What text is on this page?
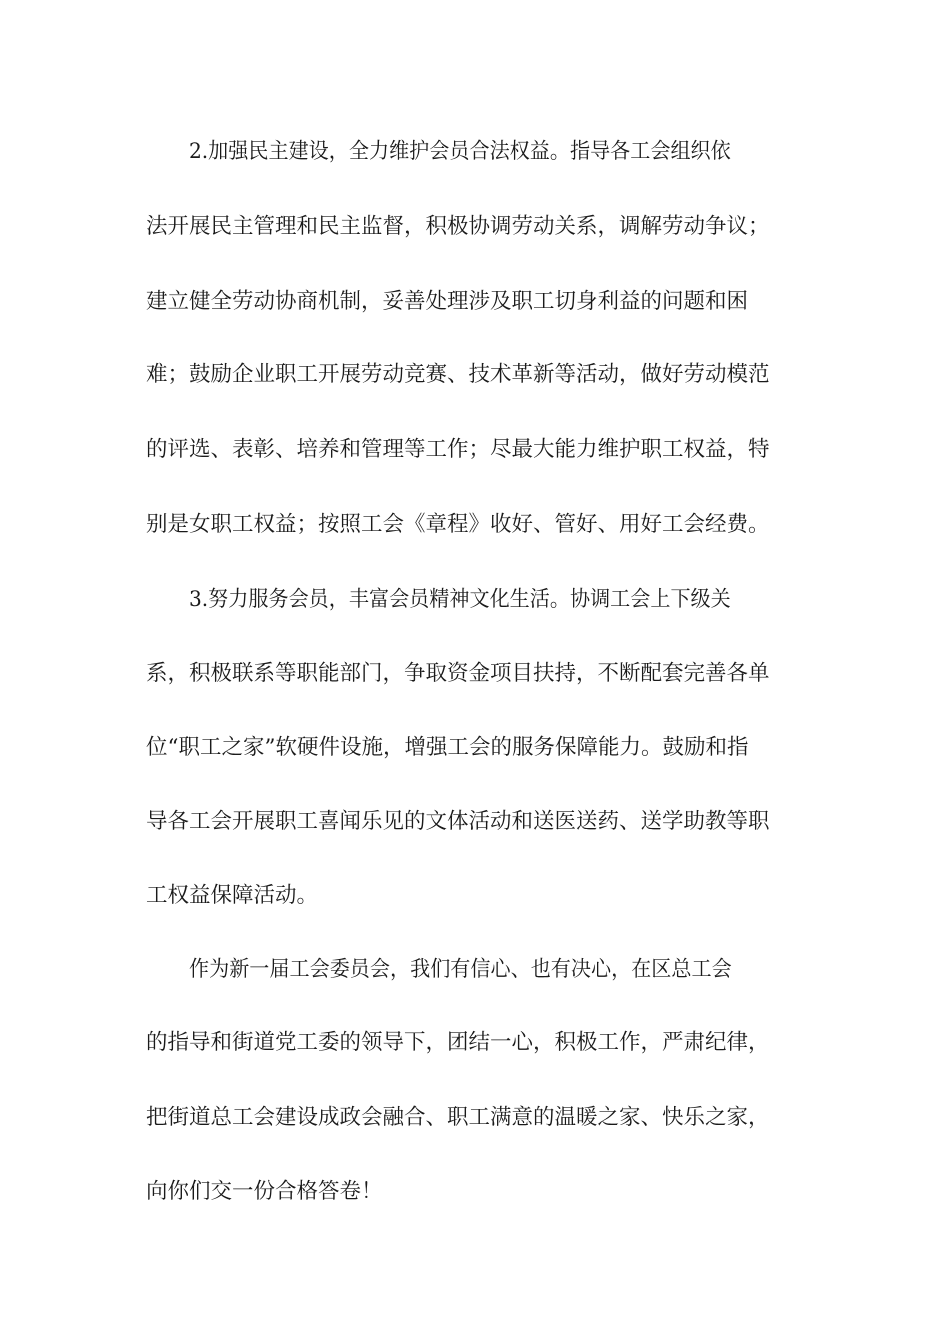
2.加强民主建设，全力维护会员合法权益。指导各工会组织依
法开展民主管理和民主监督，积极协调劳动关系，调解劳动争议；
建立健全劳动协商机制，妥善处理涉及职工切身利益的问题和困
难；鼓励企业职工开展劳动竞赛、技术革新等活动，做好劳动模范
的评选、表彰、培养和管理等工作；尽最大能力维护职工权益，特
别是女职工权益；按照工会《章程》收好、管好、用好工会经费。
3.努力服务会员，丰富会员精神文化生活。协调工会上下级关
系，积极联系等职能部门，争取资金项目扶持，不断配套完善各单
位“职工之家”软硬件设施，增强工会的服务保障能力。鼓励和指
导各工会开展职工喜闻乐见的文体活动和送医送药、送学助教等职
工权益保障活动。
作为新一届工会委员会，我们有信心、也有决心，在区总工会
的指导和街道党工委的领导下，团结一心，积极工作，严肃纪律，
把街道总工会建设成政会融合、职工满意的温暖之家、快乐之家，
向你们交一份合格答卷！
